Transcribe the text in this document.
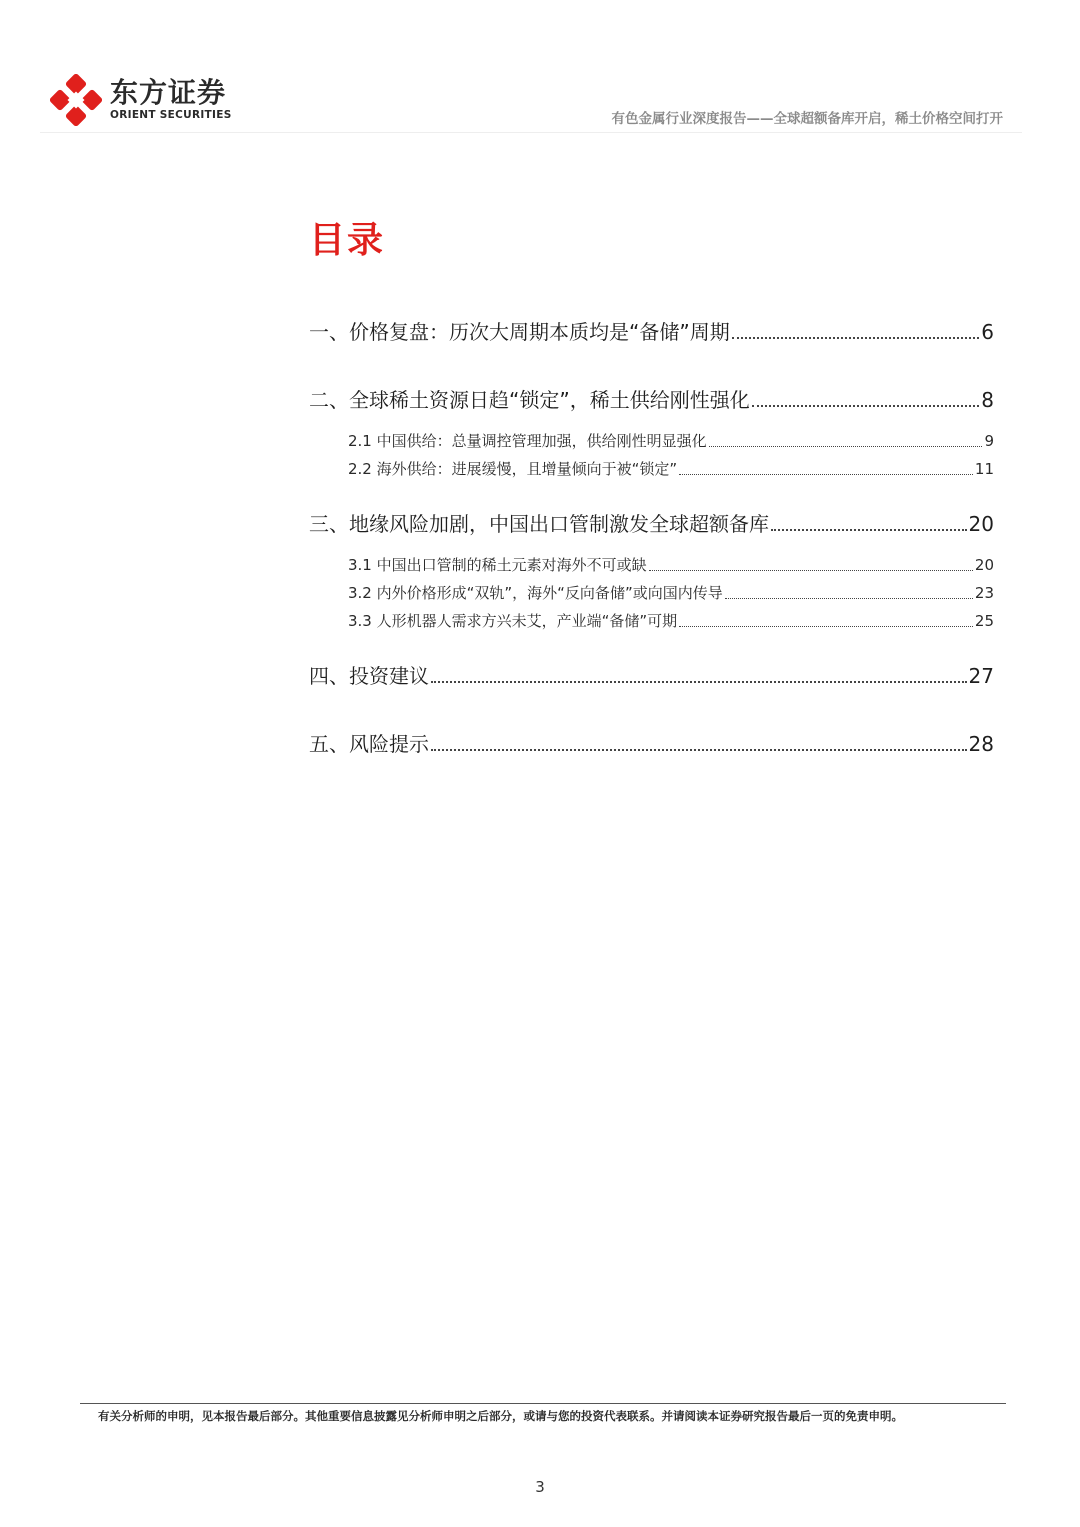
东方证券
ORIENT SECURITIES	有色金属行业深度报告——全球超额备库开启，稀土价格空间打开
目录
一、价格复盘：历次大周期本质均是“备储”周期	6
二、全球稀土资源日趋“锁定”，稀土供给刚性强化	8
2.1 中国供给：总量调控管理加强，供给刚性明显强化	9
2.2 海外供给：进展缓慢，且增量倾向于被“锁定”	11
三、地缘风险加剧，中国出口管制激发全球超额备库	20
3.1 中国出口管制的稀土元素对海外不可或缺	20
3.2 内外价格形成“双轨”，海外“反向备储”或向国内传导	23
3.3 人形机器人需求方兴未艾，产业端“备储”可期	25
四、投资建议	27
五、风险提示	28
有关分析师的申明，见本报告最后部分。其他重要信息披露见分析师申明之后部分，或请与您的投资代表联系。并请阅读本证券研究报告最后一页的免责申明。
3
